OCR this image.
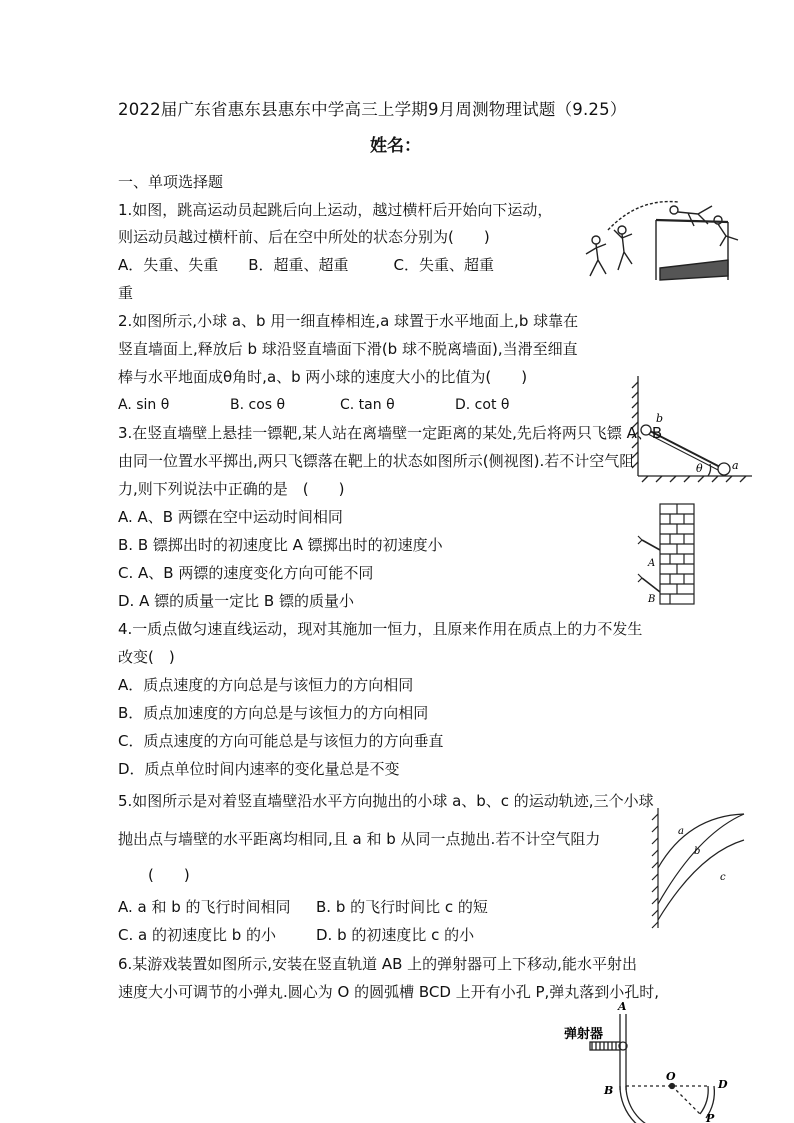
2022届广东省惠东县惠东中学高三上学期9月周测物理试题（9.25）
姓名：
一、单项选择题
1.如图，跳高运动员起跳后向上运动，越过横杆后开始向下运动，
则运动员越过横杆前、后在空中所处的状态分别为(　　)
A．失重、失重　　B．超重、超重　　　C．失重、超重
重
2.如图所示,小球 a、b 用一细直棒相连,a 球置于水平地面上,b 球靠在
竖直墙面上,释放后 b 球沿竖直墙面下滑(b 球不脱离墙面),当滑至细直
棒与水平地面成θ角时,a、b 两小球的速度大小的比值为(　　)
A. sin θ	B. cos θ	C. tan θ	D. cot θ
b
a
θ
3.在竖直墙壁上悬挂一镖靶,某人站在离墙壁一定距离的某处,先后将两只飞镖 A、B
由同一位置水平掷出,两只飞镖落在靶上的状态如图所示(侧视图).若不计空气阻
力,则下列说法中正确的是　(　　)
A. A、B 两镖在空中运动时间相同
B. B 镖掷出时的初速度比 A 镖掷出时的初速度小
C. A、B 两镖的速度变化方向可能不同
D. A 镖的质量一定比 B 镖的质量小
A
B
4.一质点做匀速直线运动，现对其施加一恒力，且原来作用在质点上的力不发生
改变(　)
A．质点速度的方向总是与该恒力的方向相同
B．质点加速度的方向总是与该恒力的方向相同
C．质点速度的方向可能总是与该恒力的方向垂直
D．质点单位时间内速率的变化量总是不变
5.如图所示是对着竖直墙壁沿水平方向抛出的小球 a、b、c 的运动轨迹,三个小球
抛出点与墙壁的水平距离均相同,且 a 和 b 从同一点抛出.若不计空气阻力
(　　)
A. a 和 b 的飞行时间相同 B. b 的飞行时间比 c 的短
C. a 的初速度比 b 的小	D. b 的初速度比 c 的小
a
b
c
6.某游戏装置如图所示,安装在竖直轨道 AB 上的弹射器可上下移动,能水平射出
速度大小可调节的小弹丸.圆心为 O 的圆弧槽 BCD 上开有小孔 P,弹丸落到小孔时,
弹射器
A
B
O
D
P
